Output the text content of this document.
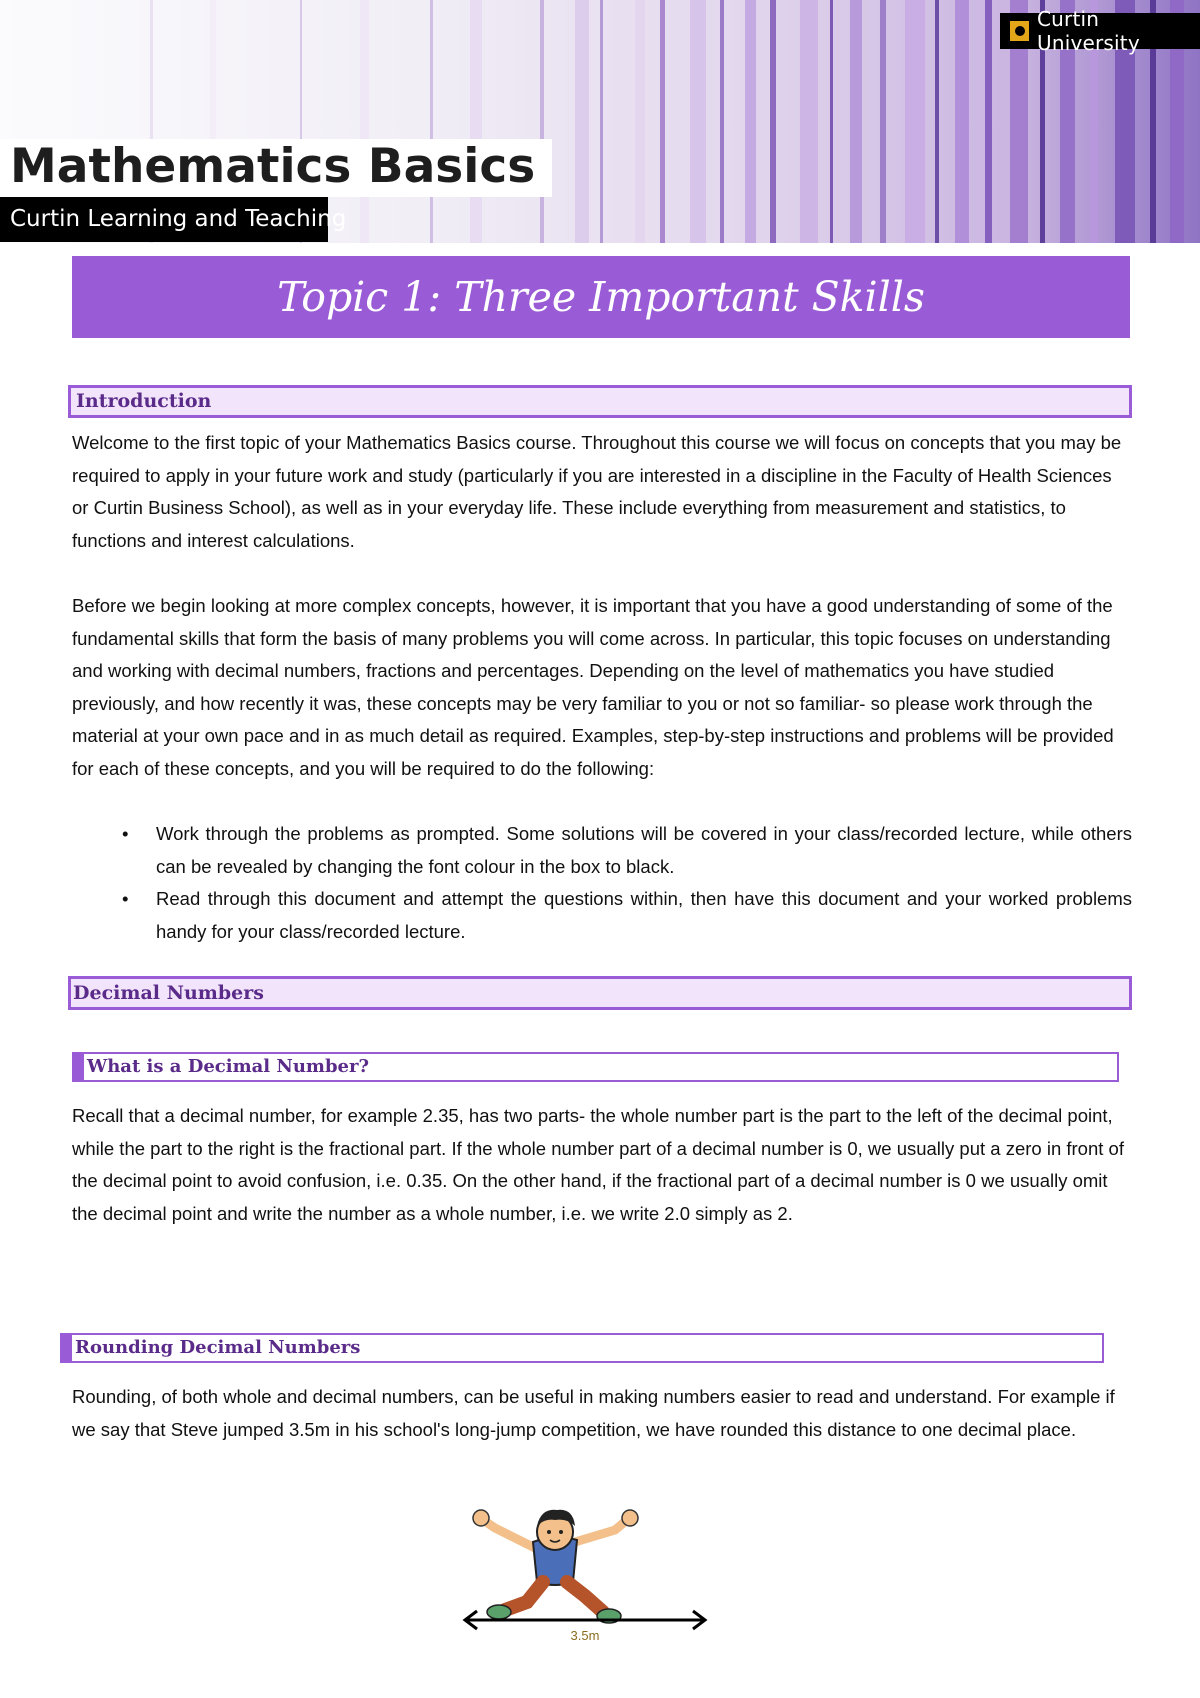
Curtin University
Mathematics Basics
Curtin Learning and Teaching
Topic 1: Three Important Skills
Introduction

Welcome to the first topic of your Mathematics Basics course. Throughout this course we will focus on concepts that you may be required to apply in your future work and study (particularly if you are interested in a discipline in the Faculty of Health Sciences or Curtin Business School), as well as in your everyday life. These include everything from measurement and statistics, to functions and interest calculations.

Before we begin looking at more complex concepts, however, it is important that you have a good understanding of some of the fundamental skills that form the basis of many problems you will come across. In particular, this topic focuses on understanding and working with decimal numbers, fractions and percentages. Depending on the level of mathematics you have studied previously, and how recently it was, these concepts may be very familiar to you or not so familiar- so please work through the material at your own pace and in as much detail as required. Examples, step-by-step instructions and problems will be provided for each of these concepts, and you will be required to do the following:

• Work through the problems as prompted. Some solutions will be covered in your class/recorded lecture, while others can be revealed by changing the font colour in the box to black.
• Read through this document and attempt the questions within, then have this document and your worked problems handy for your class/recorded lecture.
Decimal Numbers
What is a Decimal Number?

Recall that a decimal number, for example 2.35, has two parts- the whole number part is the part to the left of the decimal point, while the part to the right is the fractional part. If the whole number part of a decimal number is 0, we usually put a zero in front of the decimal point to avoid confusion, i.e. 0.35. On the other hand, if the fractional part of a decimal number is 0 we usually omit the decimal point and write the number as a whole number, i.e. we write 2.0 simply as 2.

Rounding Decimal Numbers

Rounding, of both whole and decimal numbers, can be useful in making numbers easier to read and understand. For example if we say that Steve jumped 3.5m in his school's long-jump competition, we have rounded this distance to one decimal place.

3.5m
